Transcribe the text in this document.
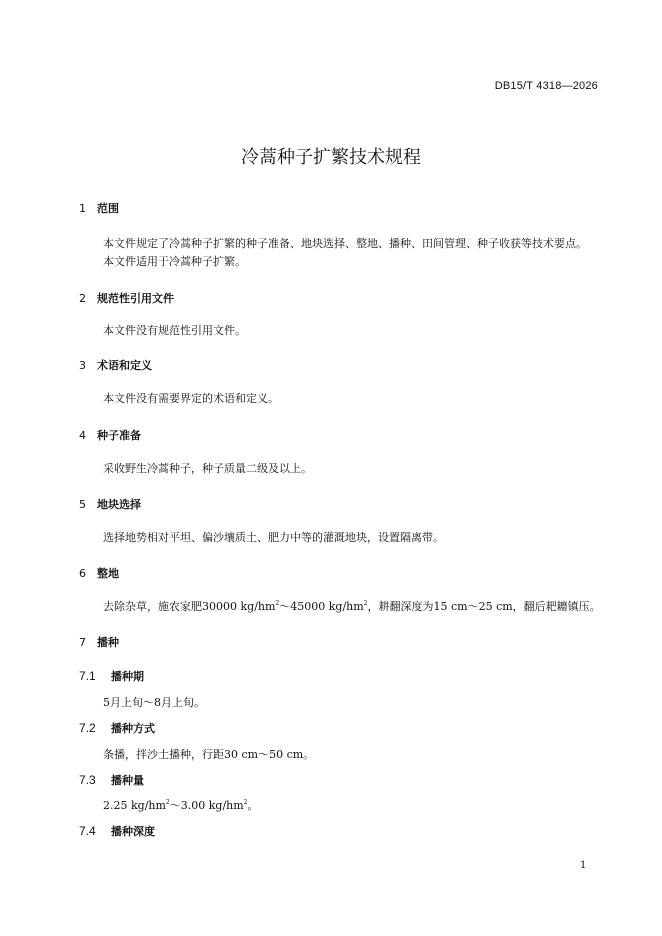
DB15/T 4318—2026
冷蒿种子扩繁技术规程
1 范围
本文件规定了冷蒿种子扩繁的种子准备、地块选择、整地、播种、田间管理、种子收获等技术要点。
本文件适用于冷蒿种子扩繁。
2 规范性引用文件
本文件没有规范性引用文件。
3 术语和定义
本文件没有需要界定的术语和定义。
4 种子准备
采收野生冷蒿种子，种子质量二级及以上。
5 地块选择
选择地势相对平坦、偏沙壤质土、肥力中等的灌溉地块，设置隔离带。
6 整地
去除杂草，施农家肥30000 $kg/hm^2\sim 45000$ $kg/hm^2$，耕翻深度为15 cm～25 cm，翻后耙耱镇压。
7 播种
7.1 播种期
5月上旬～8月上旬。
7.2 播种方式
条播，拌沙土播种，行距30 cm～50 cm。
7.3 播种量
2.25 $kg/hm^2\sim 3.00$ $kg/hm^2$。
7.4 播种深度
1
